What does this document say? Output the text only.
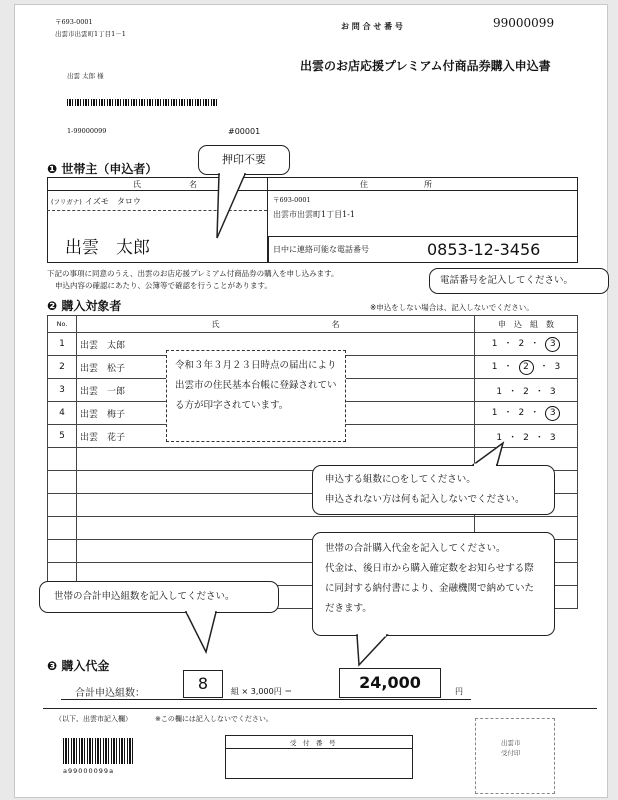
〒693-0001
出雲市出雲町1丁目1－1
出雲 太郎 様
1-99000099	#00001
お 問 合 せ 番 号	99000099
出雲のお店応援プレミアム付商品券購入申込書
❶ 世帯主（申込者）
氏　　　　　　名	住　　　　　　　所
(フリガナ) イズモ　タロウ
出雲　太郎
〒693-0001
出雲市出雲町1丁目1-1
日中に連絡可能な電話番号	0853-12-3456
押印不要
下記の事項に同意のうえ、出雲のお店応援プレミアム付商品券の購入を申し込みます。
申込内容の確認にあたり、公簿等で確認を行うことがあります。	電話番号を記入してください。
❷ 購入対象者	※申込をしない場合は、記入しないでください。
No.	氏　　　　　　　　　　　　　　名	申　込　組　数
1	出雲　太郎	1 ・ 2 ・ 3
2	出雲　松子	1 ・ 2 ・ 3
3	出雲　一郎	1 ・ 2 ・ 3
4	出雲　梅子	1 ・ 2 ・ 3
5	出雲　花子	1 ・ 2 ・ 3

令和３年３月２３日時点の届出により出雲市の住民基本台帳に登録されている方が印字されています。
申込する組数に○をしてください。
申込されない方は何も記入しないでください。
世帯の合計購入代金を記入してください。
代金は、後日市から購入確定数をお知らせする際に同封する納付書により、金融機関で納めていただきます。
世帯の合計申込組数を記入してください。
❸ 購入代金
合計申込組数：
8	組 × 3,000円 ＝	24,000	円
（以下、出雲市記入欄）	※この欄には記入しないでください。
a99000099a
受　付　番　号	出雲市
受付印
